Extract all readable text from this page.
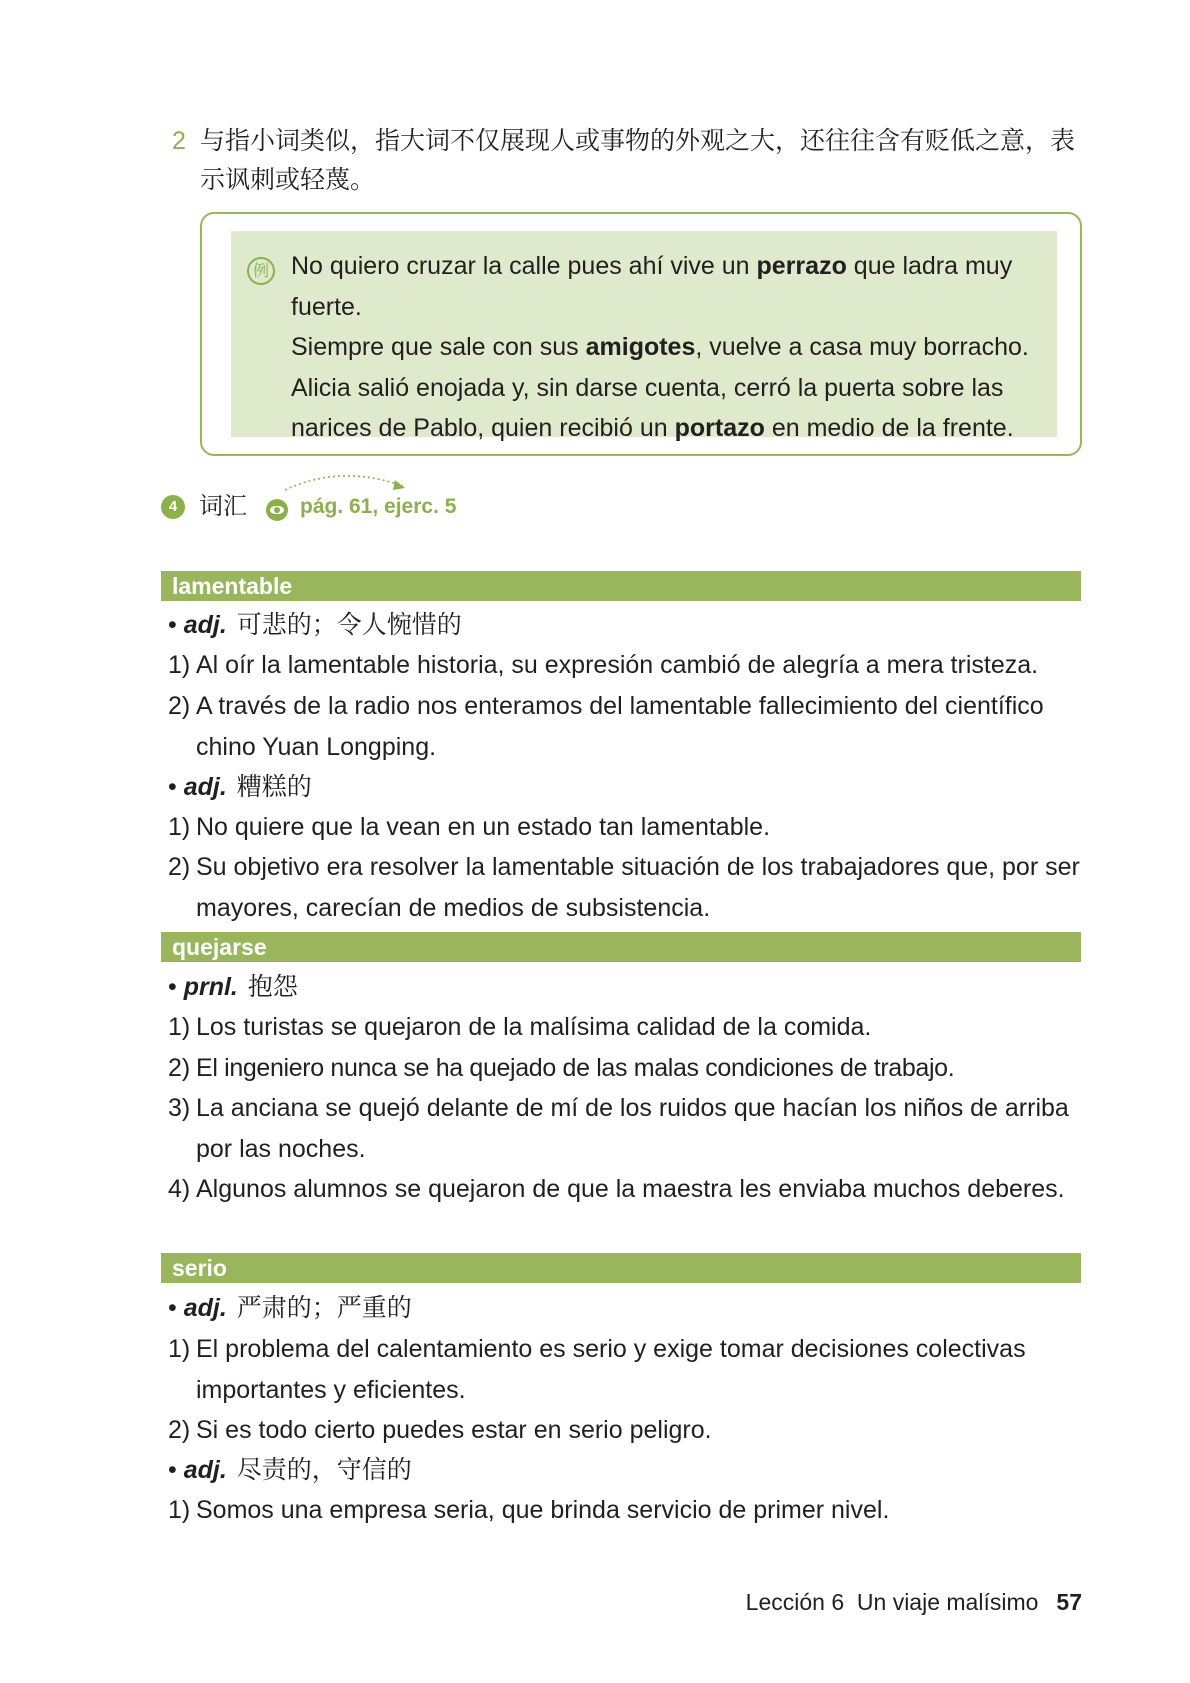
2 与指小词类似，指大词不仅展现人或事物的外观之大，还往往含有贬低之意，表示讽刺或轻蔑。
例 No quiero cruzar la calle pues ahí vive un perrazo que ladra muy fuerte.

Siempre que sale con sus amigotes, vuelve a casa muy borracho.

Alicia salió enojada y, sin darse cuenta, cerró la puerta sobre las narices de Pablo, quien recibió un portazo en medio de la frente.

4 词汇	pág. 61, ejerc. 5
lamentable
• adj. 可悲的；令人惋惜的
1) Al oír la lamentable historia, su expresión cambió de alegría a mera tristeza.
2) A través de la radio nos enteramos del lamentable fallecimiento del científico chino Yuan Longping.
• adj. 糟糕的
1) No quiere que la vean en un estado tan lamentable.
2) Su objetivo era resolver la lamentable situación de los trabajadores que, por ser mayores, carecían de medios de subsistencia.
quejarse
• prnl. 抱怨
1) Los turistas se quejaron de la malísima calidad de la comida.
2) El ingeniero nunca se ha quejado de las malas condiciones de trabajo.
3) La anciana se quejó delante de mí de los ruidos que hacían los niños de arriba por las noches.
4) Algunos alumnos se quejaron de que la maestra les enviaba muchos deberes.
serio
• adj. 严肃的；严重的
1) El problema del calentamiento es serio y exige tomar decisiones colectivas importantes y eficientes.
2) Si es todo cierto puedes estar en serio peligro.
• adj. 尽责的，守信的
1) Somos una empresa seria, que brinda servicio de primer nivel.
Lección 6  Un viaje malísimo 57
